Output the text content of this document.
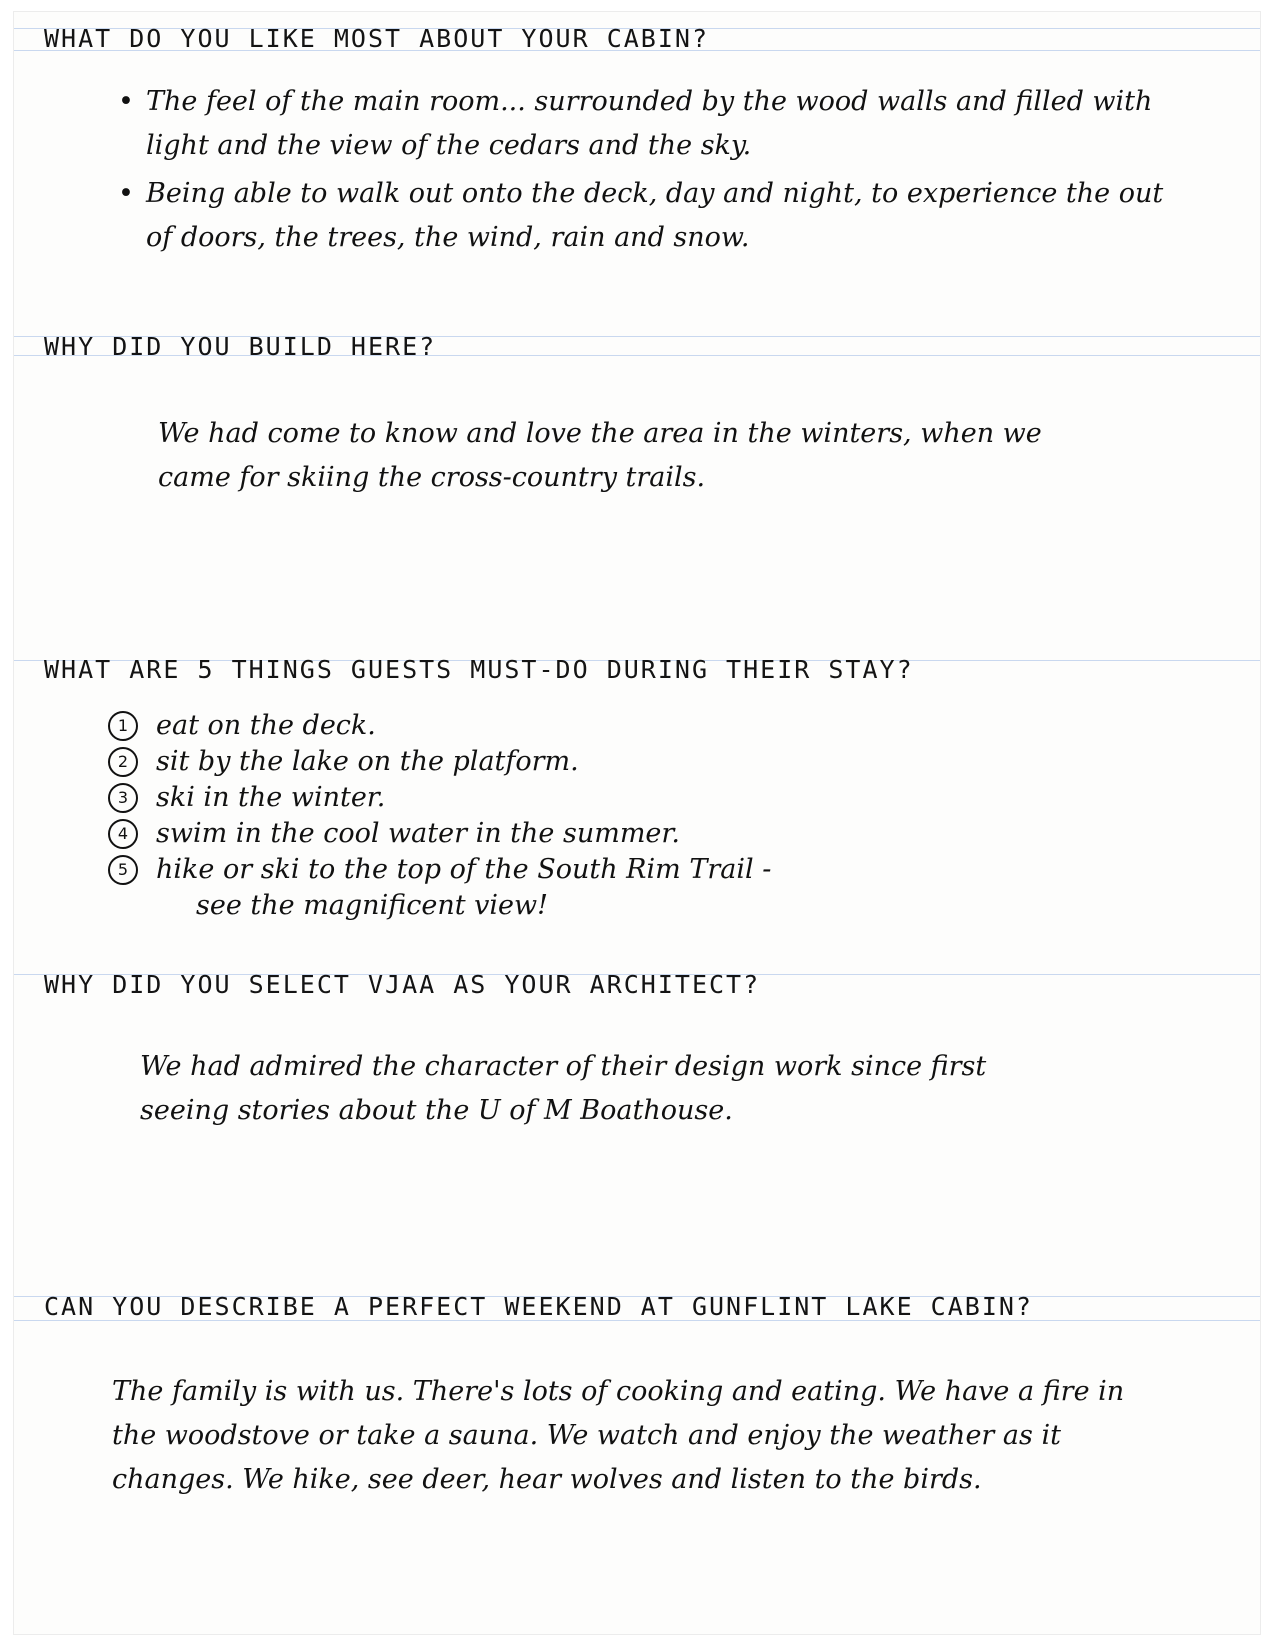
WHAT DO YOU LIKE MOST ABOUT YOUR CABIN?
• The feel of the main room... surrounded by the wood walls and filled with light and the view of the cedars and the sky.
• Being able to walk out onto the deck, day and night, to experience the out of doors, the trees, the wind, rain and snow.
WHY DID YOU BUILD HERE?

We had come to know and love the area in the winters, when we came for skiing the cross-country trails.

WHAT ARE 5 THINGS GUESTS MUST-DO DURING THEIR STAY?
1	eat on the deck.
2	sit by the lake on the platform.
3	ski in the winter.
4	swim in the cool water in the summer.
5	hike or ski to the top of the South Rim Trail -
see the magnificent view!
WHY DID YOU SELECT VJAA AS YOUR ARCHITECT?

We had admired the character of their design work since first seeing stories about the U of M Boathouse.

CAN YOU DESCRIBE A PERFECT WEEKEND AT GUNFLINT LAKE CABIN?

The family is with us. There's lots of cooking and eating. We have a fire in the woodstove or take a sauna. We watch and enjoy the weather as it changes. We hike, see deer, hear wolves and listen to the birds.
